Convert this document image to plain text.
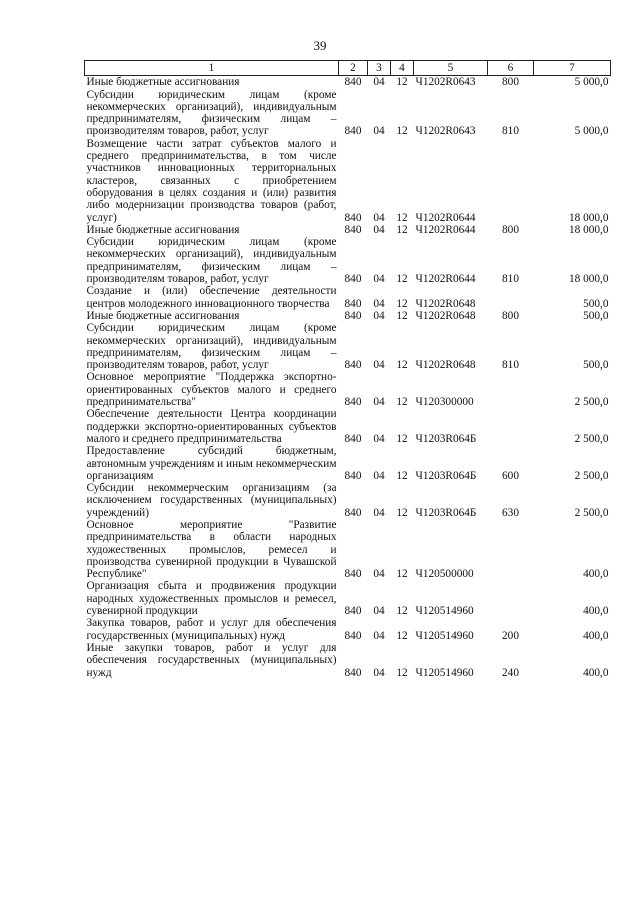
39
1	2	3	4	5	6	7
Иные бюджетные ассигнования	840	04	12	Ч1202R0643	800	5 000,0
Субсидии юридическим лицам (кроме некоммерческих организаций), индивидуальным предпринимателям, физическим лицам – производителям товаров, работ, услуг	840	04	12	Ч1202R0643	810	5 000,0
Возмещение части затрат субъектов малого и среднего предпринимательства, в том числе участников инновационных территориальных кластеров, связанных с приобретением оборудования в целях создания и (или) развития либо модернизации производства товаров (работ, услуг)	840	04	12	Ч1202R0644		18 000,0
Иные бюджетные ассигнования	840	04	12	Ч1202R0644	800	18 000,0
Субсидии юридическим лицам (кроме некоммерческих организаций), индивидуальным предпринимателям, физическим лицам – производителям товаров, работ, услуг	840	04	12	Ч1202R0644	810	18 000,0
Создание и (или) обеспечение деятельности центров молодежного инновационного творчества	840	04	12	Ч1202R0648		500,0
Иные бюджетные ассигнования	840	04	12	Ч1202R0648	800	500,0
Субсидии юридическим лицам (кроме некоммерческих организаций), индивидуальным предпринимателям, физическим лицам – производителям товаров, работ, услуг	840	04	12	Ч1202R0648	810	500,0
Основное мероприятие "Поддержка экспортно-ориентированных субъектов малого и среднего предпринимательства"	840	04	12	Ч120300000		2 500,0
Обеспечение деятельности Центра координации поддержки экспортно-ориентированных субъектов малого и среднего предпринимательства	840	04	12	Ч1203R064Б		2 500,0
Предоставление субсидий бюджетным, автономным учреждениям и иным некоммерческим организациям	840	04	12	Ч1203R064Б	600	2 500,0
Субсидии некоммерческим организациям (за исключением государственных (муниципальных) учреждений)	840	04	12	Ч1203R064Б	630	2 500,0
Основное мероприятие "Развитие предпринимательства в области народных художественных промыслов, ремесел и производства сувенирной продукции в Чувашской Республике"	840	04	12	Ч120500000		400,0
Организация сбыта и продвижения продукции народных художественных промыслов и ремесел, сувенирной продукции	840	04	12	Ч120514960		400,0
Закупка товаров, работ и услуг для обеспечения государственных (муниципальных) нужд	840	04	12	Ч120514960	200	400,0
Иные закупки товаров, работ и услуг для обеспечения государственных (муниципальных) нужд	840	04	12	Ч120514960	240	400,0
